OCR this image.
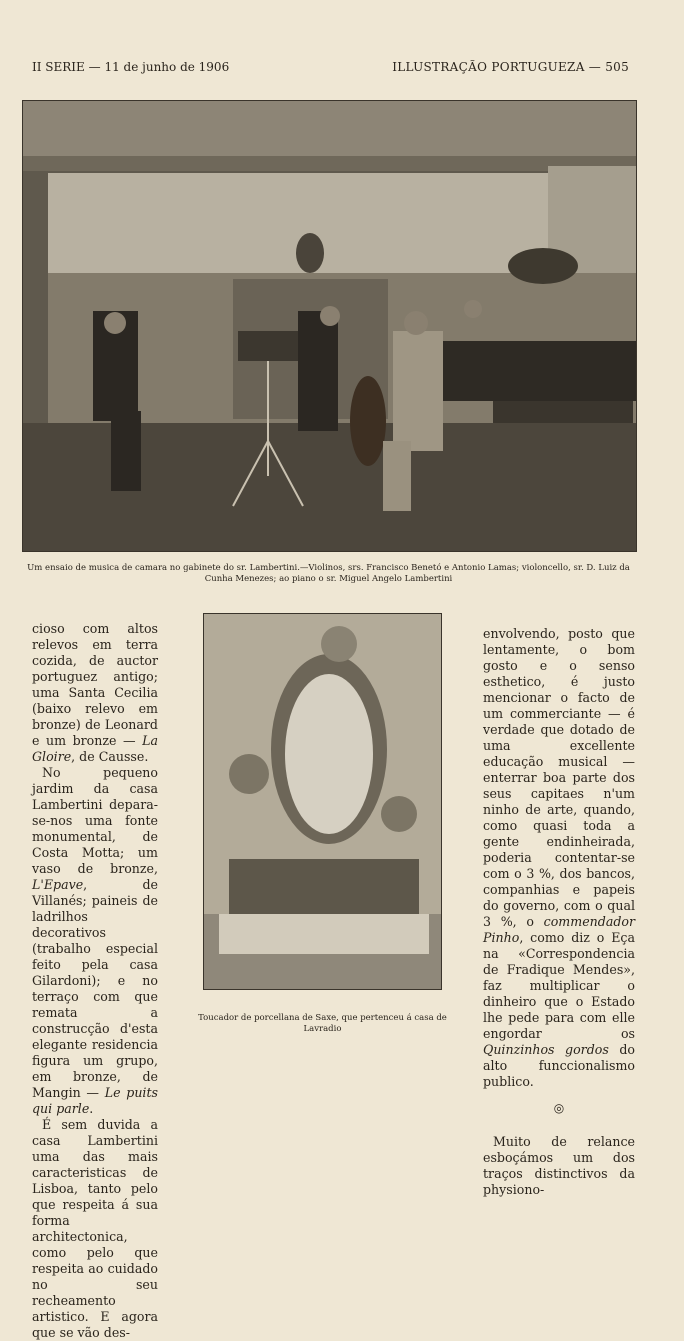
II SERIE — 11 de junho de 1906	ILLUSTRAÇÃO PORTUGUEZA — 505
Um ensaio de musica de camara no gabinete do sr. Lambertini.—Violinos, srs. Francisco Benetó e Antonio Lamas; violoncello, sr. D. Luiz da Cunha Menezes; ao piano o sr. Miguel Angelo Lambertini

cioso com altos relevos em terra cozida, de auctor portuguez antigo; uma Santa Cecilia (baixo relevo em bronze) de Leonard e um bronze — La Gloire, de Causse.

No pequeno jardim da casa Lambertini depara-se-nos uma fonte monumental, de Costa Motta; um vaso de bronze, L'Epave, de Villanés; paineis de ladrilhos decorativos (trabalho especial feito pela casa Gilardoni); e no terraço com que remata a construcção d'esta elegante residencia figura um grupo, em bronze, de Mangin — Le puits qui parle.

É sem duvida a casa Lambertini uma das mais caracteristicas de Lisboa, tanto pelo que respeita á sua forma architectonica, como pelo que respeita ao cuidado no seu recheamento artistico. E agora que se vão des-

Toucador de porcellana de Saxe, que pertenceu á casa de Lavradio

envolvendo, posto que lentamente, o bom gosto e o senso esthetico, é justo mencionar o facto de um commerciante — é verdade que dotado de uma excellente educação musical — enterrar boa parte dos seus capitaes n'um ninho de arte, quando, como quasi toda a gente endinheirada, poderia contentar-se com o 3 %, dos bancos, companhias e papeis do governo, com o qual 3 %, o commendador Pinho, como diz o Eça na «Correspondencia de Fradique Mendes», faz multiplicar o dinheiro que o Estado lhe pede para com elle engordar os Quinzinhos gordos do alto funccionalismo publico.

◎

Muito de relance esboçámos um dos traços distinctivos da physiono-
